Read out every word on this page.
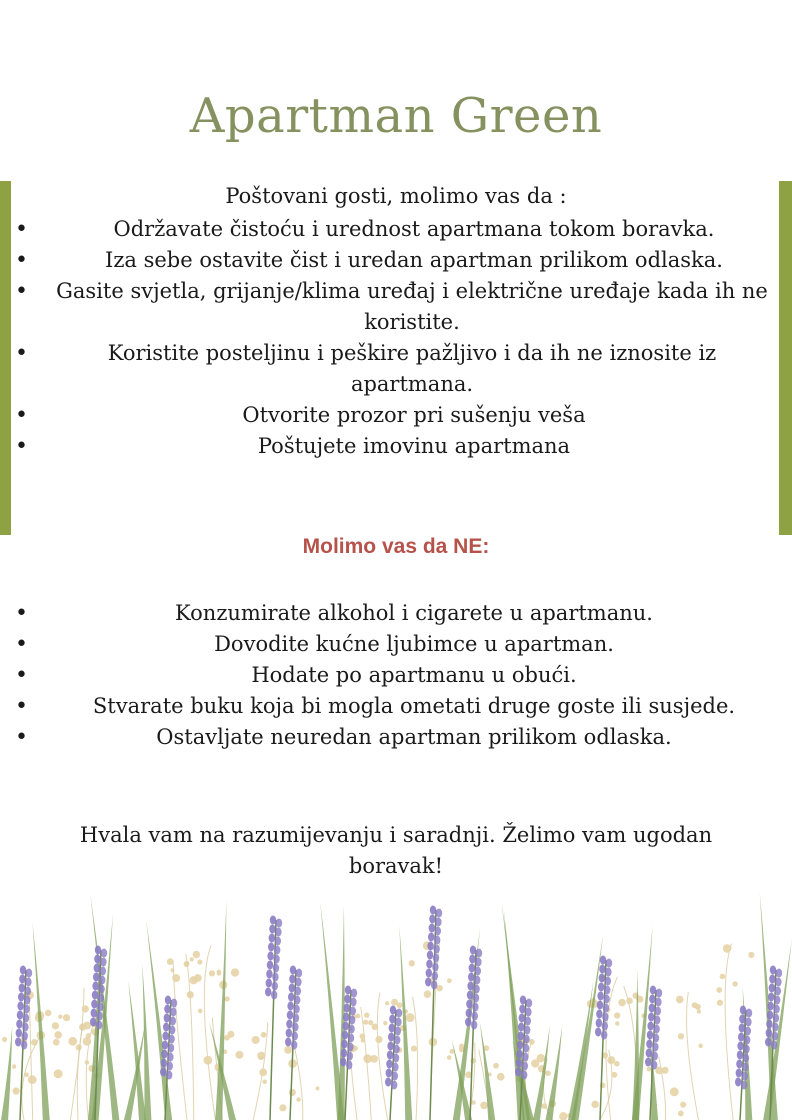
Apartman Green

Poštovani gosti, molimo vas da :

•	Održavate čistoću i urednost apartmana tokom boravka.
•	Iza sebe ostavite čist i uredan apartman prilikom odlaska.
• Gasite svjetla, grijanje/klima uređaj i električne uređaje kada ih ne koristite.
•	Koristite posteljinu i peškire pažljivo i da ih ne iznosite iz apartmana.
•	Otvorite prozor pri sušenju veša
•	Poštujete imovinu apartmana
Molimo vas da NE:
•	Konzumirate alkohol i cigarete u apartmanu.
•	Dovodite kućne ljubimce u apartman.
•	Hodate po apartmanu u obući.
•	Stvarate buku koja bi mogla ometati druge goste ili susjede.
•	Ostavljate neuredan apartman prilikom odlaska.

Hvala vam na razumijevanju i saradnji. Želimo vam ugodan boravak!
